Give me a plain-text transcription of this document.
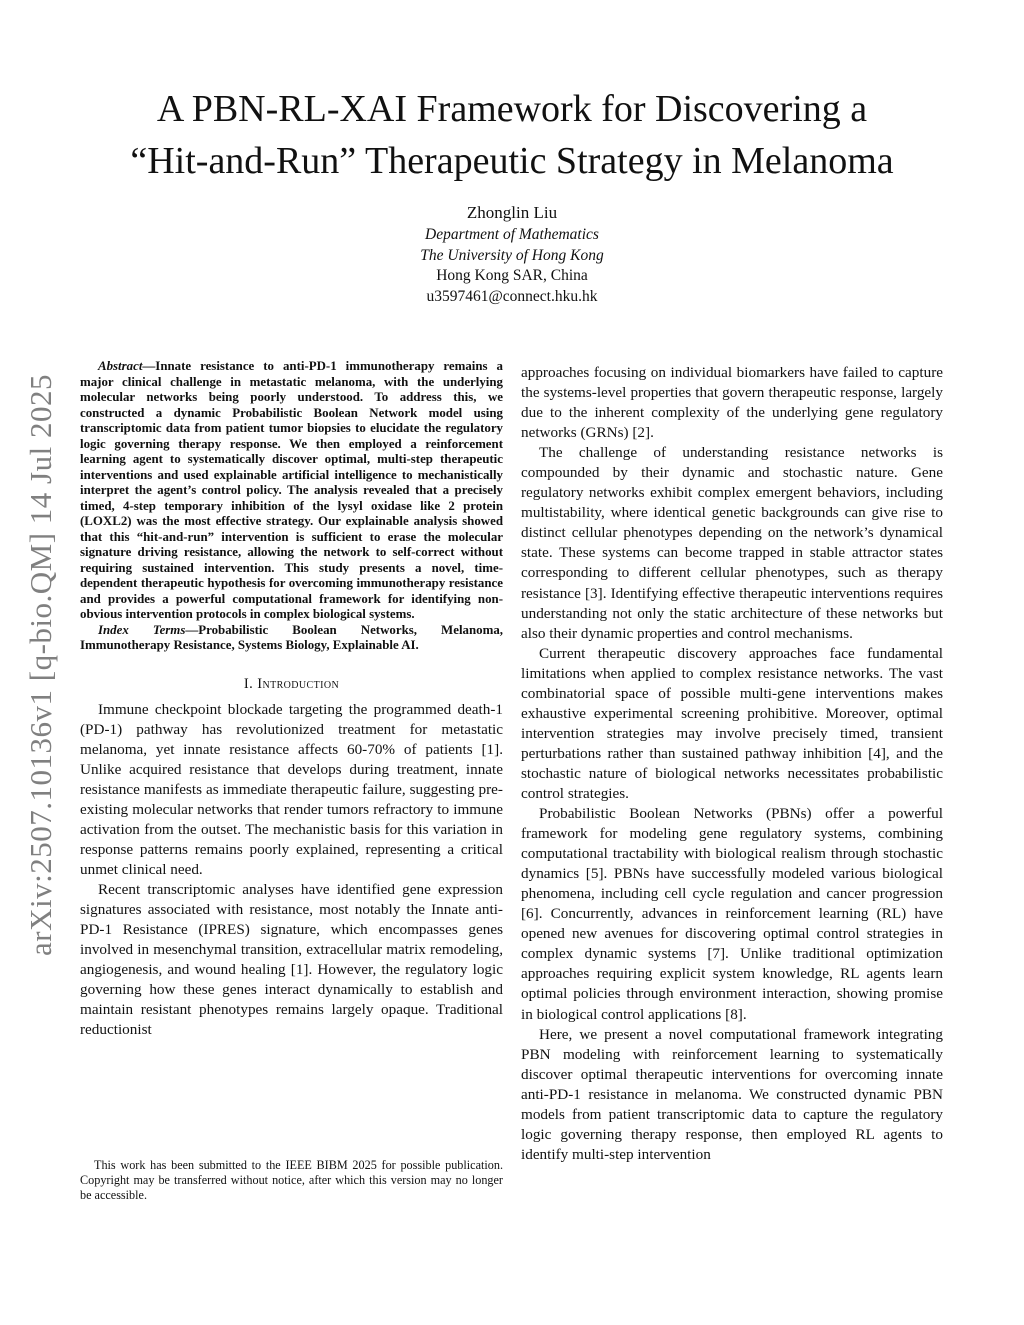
arXiv:2507.10136v1 [q-bio.QM] 14 Jul 2025
A PBN-RL-XAI Framework for Discovering a
“Hit-and-Run” Therapeutic Strategy in Melanoma
Zhonglin Liu
Department of Mathematics
The University of Hong Kong
Hong Kong SAR, China
u3597461@connect.hku.hk

Abstract—Innate resistance to anti-PD-1 immunotherapy remains a major clinical challenge in metastatic melanoma, with the underlying molecular networks being poorly understood. To address this, we constructed a dynamic Probabilistic Boolean Network model using transcriptomic data from patient tumor biopsies to elucidate the regulatory logic governing therapy response. We then employed a reinforcement learning agent to systematically discover optimal, multi-step therapeutic interventions and used explainable artificial intelligence to mechanistically interpret the agent’s control policy. The analysis revealed that a precisely timed, 4-step temporary inhibition of the lysyl oxidase like 2 protein (LOXL2) was the most effective strategy. Our explainable analysis showed that this “hit-and-run” intervention is sufficient to erase the molecular signature driving resistance, allowing the network to self-correct without requiring sustained intervention. This study presents a novel, time-dependent therapeutic hypothesis for overcoming immunotherapy resistance and provides a powerful computational framework for identifying non-obvious intervention protocols in complex biological systems.

Index Terms—Probabilistic Boolean Networks, Melanoma, Immunotherapy Resistance, Systems Biology, Explainable AI.

I. Introduction

Immune checkpoint blockade targeting the programmed death-1 (PD-1) pathway has revolutionized treatment for metastatic melanoma, yet innate resistance affects 60-70% of patients [1]. Unlike acquired resistance that develops during treatment, innate resistance manifests as immediate therapeutic failure, suggesting pre-existing molecular networks that render tumors refractory to immune activation from the outset. The mechanistic basis for this variation in response patterns remains poorly explained, representing a critical unmet clinical need.

Recent transcriptomic analyses have identified gene expression signatures associated with resistance, most notably the Innate anti-PD-1 Resistance (IPRES) signature, which encompasses genes involved in mesenchymal transition, extracellular matrix remodeling, angiogenesis, and wound healing [1]. However, the regulatory logic governing how these genes interact dynamically to establish and maintain resistant phenotypes remains largely opaque. Traditional reductionist

approaches focusing on individual biomarkers have failed to capture the systems-level properties that govern therapeutic response, largely due to the inherent complexity of the underlying gene regulatory networks (GRNs) [2].

The challenge of understanding resistance networks is compounded by their dynamic and stochastic nature. Gene regulatory networks exhibit complex emergent behaviors, including multistability, where identical genetic backgrounds can give rise to distinct cellular phenotypes depending on the network’s dynamical state. These systems can become trapped in stable attractor states corresponding to different cellular phenotypes, such as therapy resistance [3]. Identifying effective therapeutic interventions requires understanding not only the static architecture of these networks but also their dynamic properties and control mechanisms.

Current therapeutic discovery approaches face fundamental limitations when applied to complex resistance networks. The vast combinatorial space of possible multi-gene interventions makes exhaustive experimental screening prohibitive. Moreover, optimal intervention strategies may involve precisely timed, transient perturbations rather than sustained pathway inhibition [4], and the stochastic nature of biological networks necessitates probabilistic control strategies.

Probabilistic Boolean Networks (PBNs) offer a powerful framework for modeling gene regulatory systems, combining computational tractability with biological realism through stochastic dynamics [5]. PBNs have successfully modeled various biological phenomena, including cell cycle regulation and cancer progression [6]. Concurrently, advances in reinforcement learning (RL) have opened new avenues for discovering optimal control strategies in complex dynamic systems [7]. Unlike traditional optimization approaches requiring explicit system knowledge, RL agents learn optimal policies through environment interaction, showing promise in biological control applications [8].

Here, we present a novel computational framework integrating PBN modeling with reinforcement learning to systematically discover optimal therapeutic interventions for overcoming innate anti-PD-1 resistance in melanoma. We constructed dynamic PBN models from patient transcriptomic data to capture the regulatory logic governing therapy response, then employed RL agents to identify multi-step intervention

This work has been submitted to the IEEE BIBM 2025 for possible publication. Copyright may be transferred without notice, after which this version may no longer be accessible.
